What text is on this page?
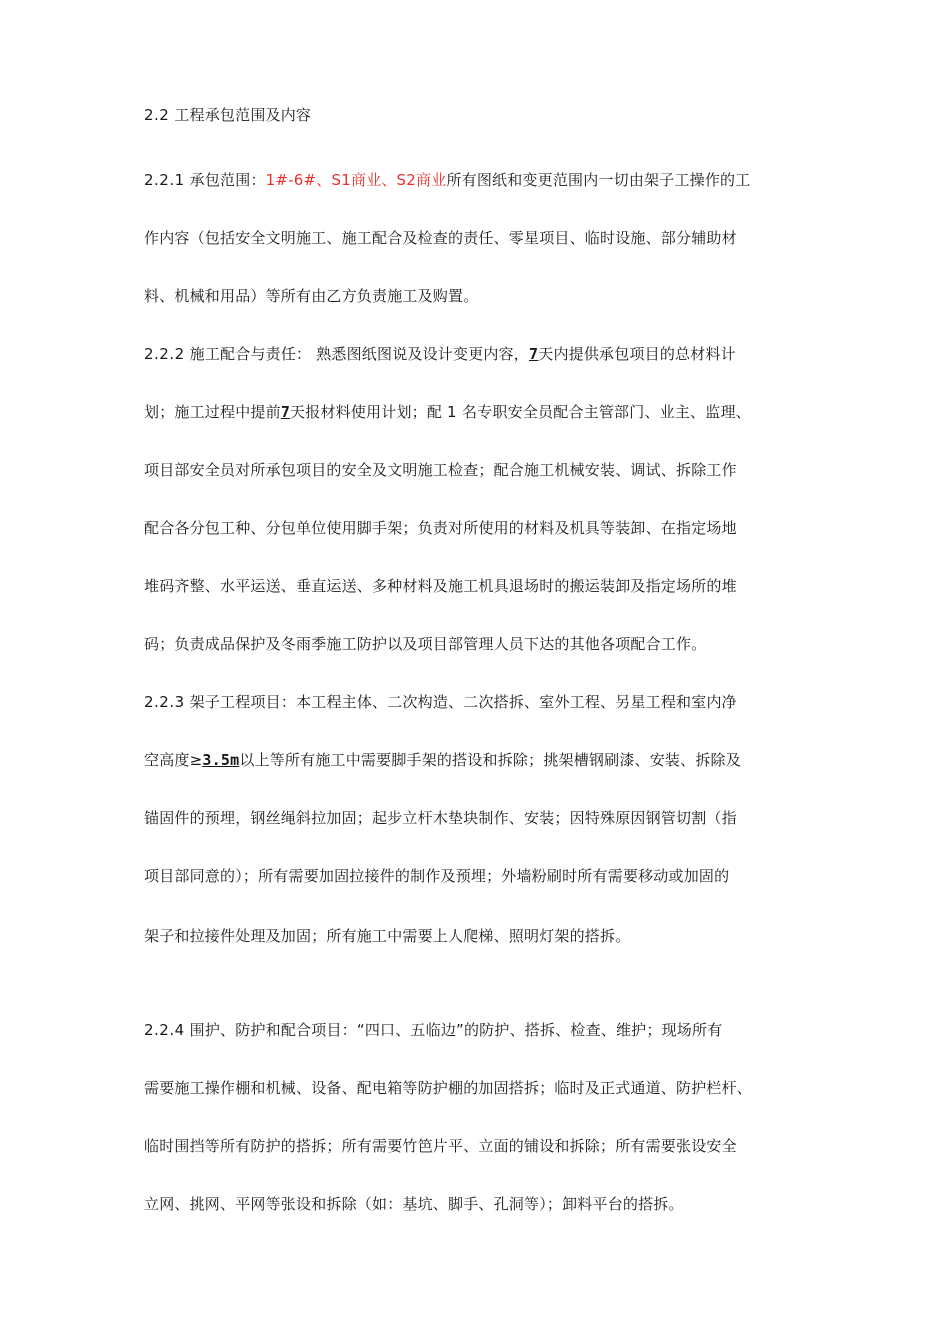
2.2 工程承包范围及内容
2.2.1 承包范围：1#-6#、S1商业、S2商业所有图纸和变更范围内一切由架子工操作的工
作内容（包括安全文明施工、施工配合及检查的责任、零星项目、临时设施、部分辅助材
料、机械和用品）等所有由乙方负责施工及购置。
2.2.2 施工配合与责任： 熟悉图纸图说及设计变更内容，7天内提供承包项目的总材料计
划；施工过程中提前7天报材料使用计划；配 1 名专职安全员配合主管部门、业主、监理、
项目部安全员对所承包项目的安全及文明施工检查；配合施工机械安装、调试、拆除工作
配合各分包工种、分包单位使用脚手架；负责对所使用的材料及机具等装卸、在指定场地
堆码齐整、水平运送、垂直运送、多种材料及施工机具退场时的搬运装卸及指定场所的堆
码；负责成品保护及冬雨季施工防护以及项目部管理人员下达的其他各项配合工作。
2.2.3 架子工程项目：本工程主体、二次构造、二次搭拆、室外工程、另星工程和室内净
空高度≥3.5m以上等所有施工中需要脚手架的搭设和拆除；挑架槽钢刷漆、安装、拆除及
锚固件的预埋，钢丝绳斜拉加固；起步立杆木垫块制作、安装；因特殊原因钢管切割（指
项目部同意的）；所有需要加固拉接件的制作及预埋；外墙粉刷时所有需要移动或加固的
架子和拉接件处理及加固；所有施工中需要上人爬梯、照明灯架的搭拆。
2.2.4 围护、防护和配合项目：“四口、五临边”的防护、搭拆、检查、维护；现场所有
需要施工操作棚和机械、设备、配电箱等防护棚的加固搭拆；临时及正式通道、防护栏杆、
临时围挡等所有防护的搭拆；所有需要竹笆片平、立面的铺设和拆除；所有需要张设安全
立网、挑网、平网等张设和拆除（如：基坑、脚手、孔洞等）；卸料平台的搭拆。
